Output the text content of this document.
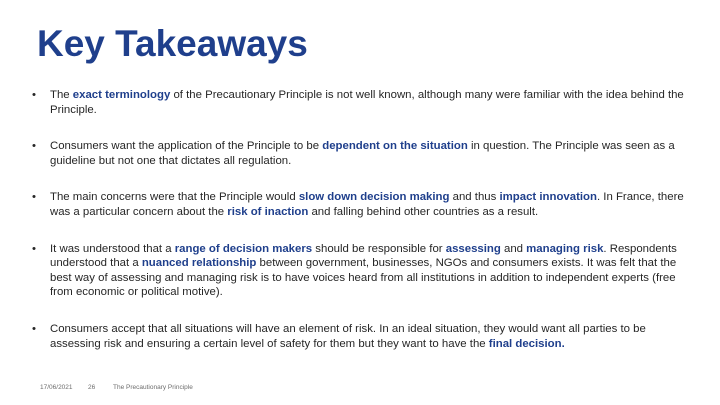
Key Takeaways
• The exact terminology of the Precautionary Principle is not well known, although many were familiar with the idea behind the Principle.
• Consumers want the application of the Principle to be dependent on the situation in question. The Principle was seen as a guideline but not one that dictates all regulation.
• The main concerns were that the Principle would slow down decision making and thus impact innovation. In France, there was a particular concern about the risk of inaction and falling behind other countries as a result.
• It was understood that a range of decision makers should be responsible for assessing and managing risk. Respondents understood that a nuanced relationship between government, businesses, NGOs and consumers exists. It was felt that the best way of assessing and managing risk is to have voices heard from all institutions in addition to independent experts (free from economic or political motive).
• Consumers accept that all situations will have an element of risk. In an ideal situation, they would want all parties to be assessing risk and ensuring a certain level of safety for them but they want to have the final decision.
17/06/2021 26	The Precautionary Principle
